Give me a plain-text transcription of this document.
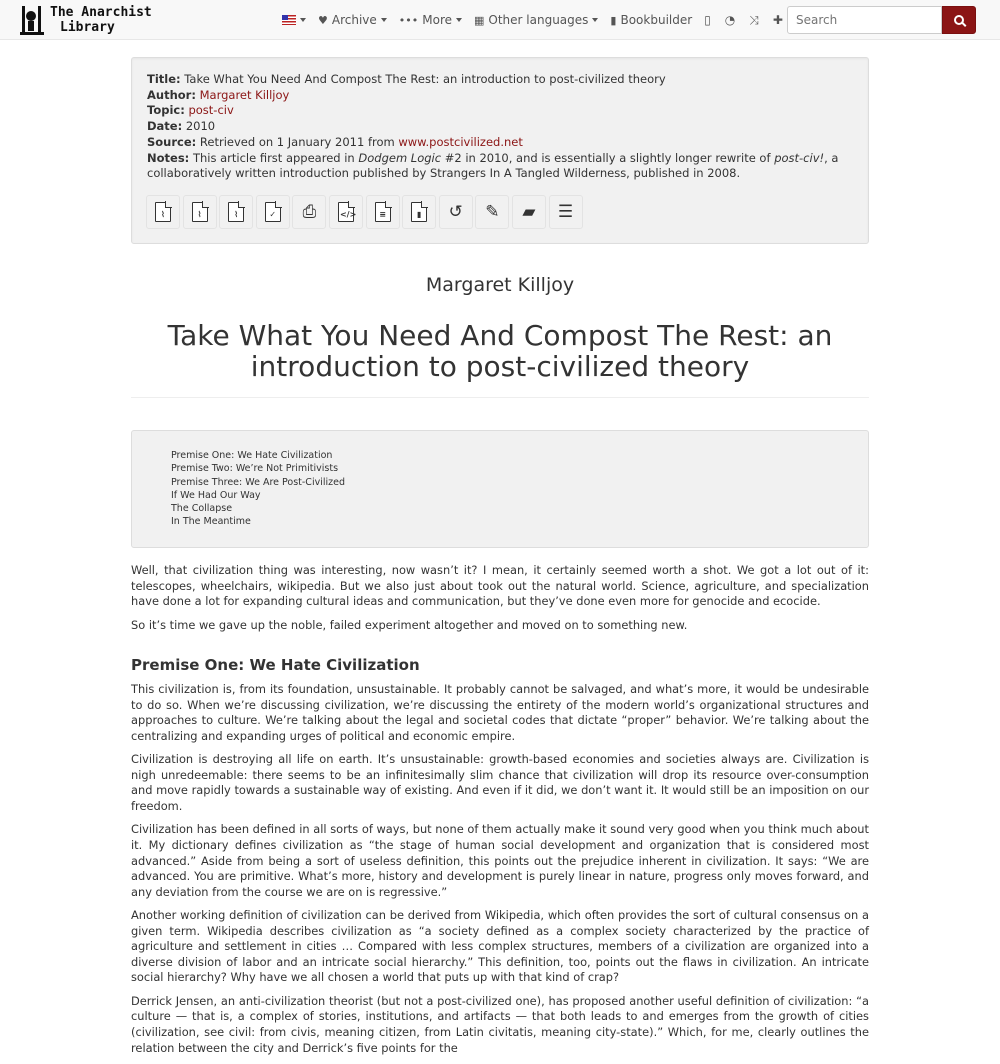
The Anarchist
Library	♥ Archive ••• More ▦ Other languages ▮ Bookbuilder ▯ ◔ ⤨ ✚
Search
Title: Take What You Need And Compost The Rest: an introduction to post-civilized theory
Author: Margaret Killjoy
Topic: post-civ
Date: 2010
Source: Retrieved on 1 January 2011 from www.postcivilized.net
Notes: This article first appeared in Dodgem Logic #2 in 2010, and is essentially a slightly longer rewrite of post-civ!, a collaboratively written introduction published by Strangers In A Tangled Wilderness, published in 2008.
⌇	⌇	⌇	✓ ⎙	</>	≡	▮ ↺ ✎ ▰ ☰
Margaret Killjoy
Take What You Need And Compost The Rest: an introduction to post-civilized theory
Premise One: We Hate Civilization
Premise Two: We’re Not Primitivists
Premise Three: We Are Post-Civilized
If We Had Our Way
The Collapse
In The Meantime

Well, that civilization thing was interesting, now wasn’t it? I mean, it certainly seemed worth a shot. We got a lot out of it: telescopes, wheelchairs, wikipedia. But we also just about took out the natural world. Science, agriculture, and specialization have done a lot for expanding cultural ideas and communication, but they’ve done even more for genocide and ecocide.

So it’s time we gave up the noble, failed experiment altogether and moved on to something new.

Premise One: We Hate Civilization

This civilization is, from its foundation, unsustainable. It probably cannot be salvaged, and what’s more, it would be undesirable to do so. When we’re discussing civilization, we’re discussing the entirety of the modern world’s organizational structures and approaches to culture. We’re talking about the legal and societal codes that dictate “proper” behavior. We’re talking about the centralizing and expanding urges of political and economic empire.

Civilization is destroying all life on earth. It’s unsustainable: growth-based economies and societies always are. Civilization is nigh unredeemable: there seems to be an infinitesimally slim chance that civilization will drop its resource over-consumption and move rapidly towards a sustainable way of existing. And even if it did, we don’t want it. It would still be an imposition on our freedom.

Civilization has been defined in all sorts of ways, but none of them actually make it sound very good when you think much about it. My dictionary defines civilization as “the stage of human social development and organization that is considered most advanced.” Aside from being a sort of useless definition, this points out the prejudice inherent in civilization. It says: “We are advanced. You are primitive. What’s more, history and development is purely linear in nature, progress only moves forward, and any deviation from the course we are on is regressive.”

Another working definition of civilization can be derived from Wikipedia, which often provides the sort of cultural consensus on a given term. Wikipedia describes civilization as “a society defined as a complex society characterized by the practice of agriculture and settlement in cities … Compared with less complex structures, members of a civilization are organized into a diverse division of labor and an intricate social hierarchy.” This definition, too, points out the flaws in civilization. An intricate social hierarchy? Why have we all chosen a world that puts up with that kind of crap?

Derrick Jensen, an anti-civilization theorist (but not a post-civilized one), has proposed another useful definition of civilization: “a culture — that is, a complex of stories, institutions, and artifacts — that both leads to and emerges from the growth of cities (civilization, see civil: from civis, meaning citizen, from Latin civitatis, meaning city-state).” Which, for me, clearly outlines the relation between the city and Derrick’s five points for the
